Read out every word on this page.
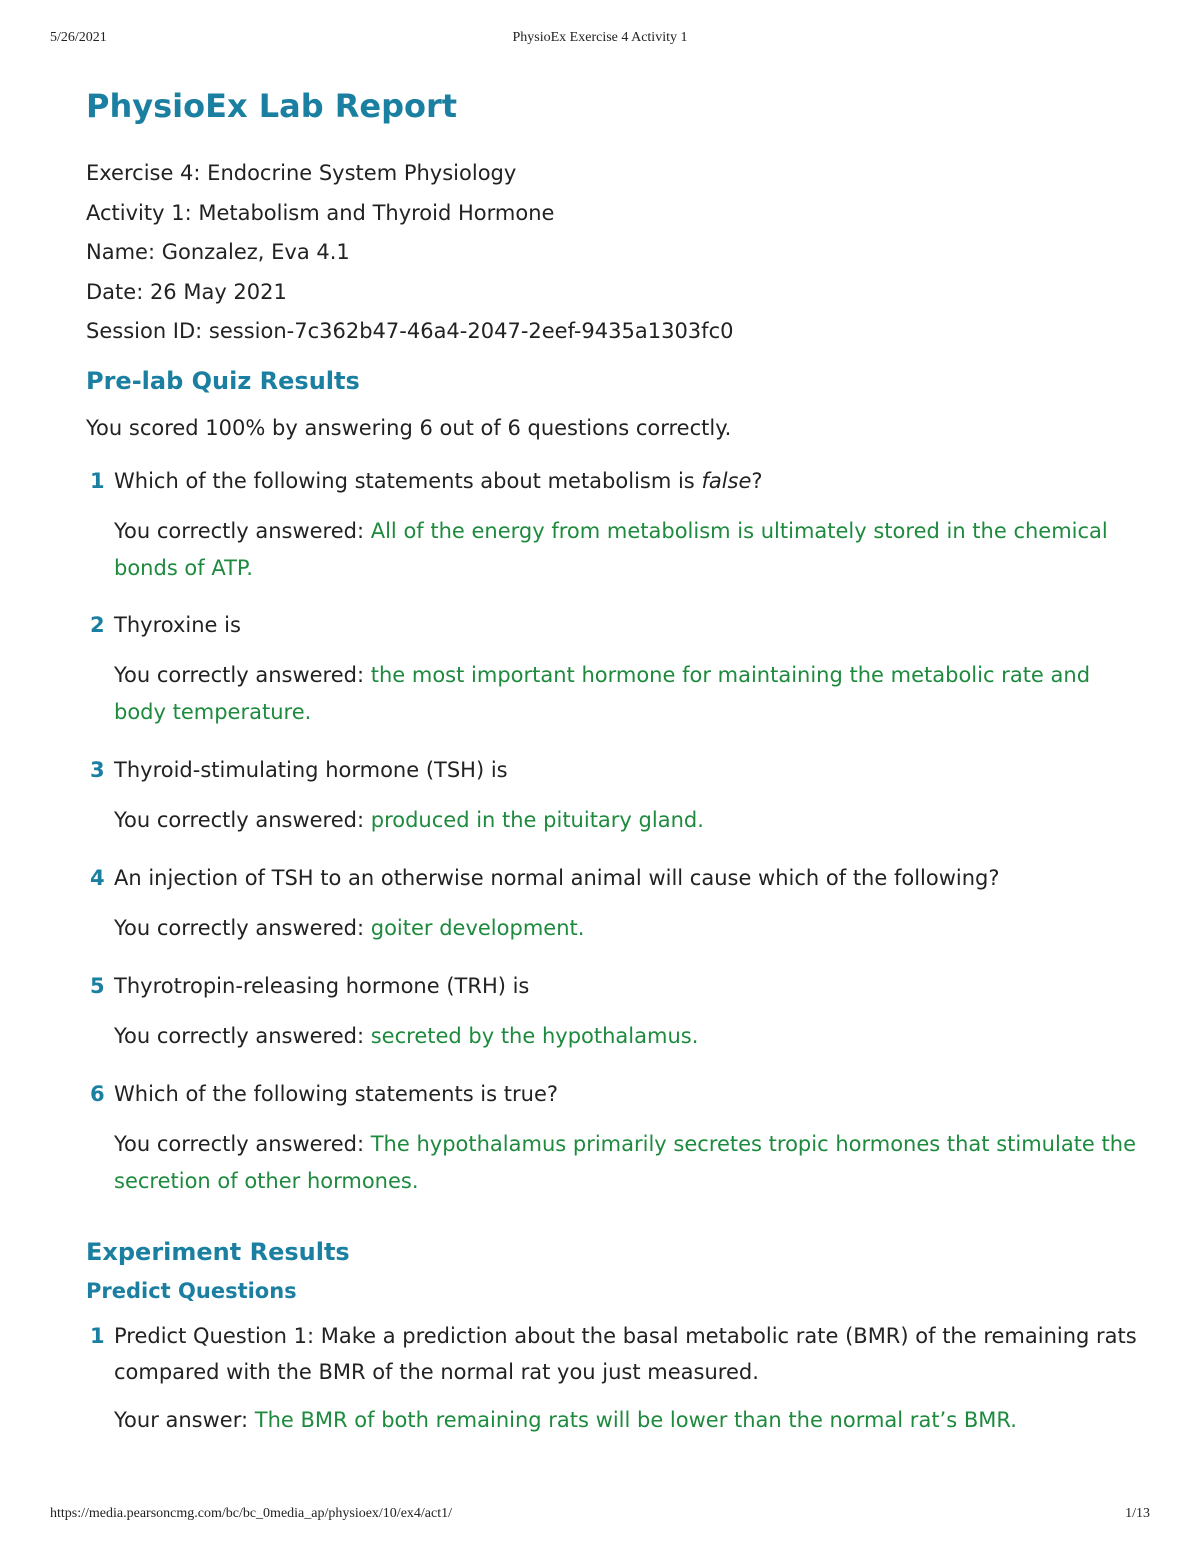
5/26/2021	PhysioEx Exercise 4 Activity 1
PhysioEx Lab Report
Exercise 4: Endocrine System Physiology
Activity 1: Metabolism and Thyroid Hormone
Name: Gonzalez, Eva 4.1
Date: 26 May 2021
Session ID: session-7c362b47-46a4-2047-2eef-9435a1303fc0
Pre-lab Quiz Results
You scored 100% by answering 6 out of 6 questions correctly.
1 Which of the following statements about metabolism is false?
You correctly answered: All of the energy from metabolism is ultimately stored in the chemical bonds of ATP.
2 Thyroxine is
You correctly answered: the most important hormone for maintaining the metabolic rate and body temperature.
3 Thyroid-stimulating hormone (TSH) is
You correctly answered: produced in the pituitary gland.
4 An injection of TSH to an otherwise normal animal will cause which of the following?
You correctly answered: goiter development.
5 Thyrotropin-releasing hormone (TRH) is
You correctly answered: secreted by the hypothalamus.
6 Which of the following statements is true?
You correctly answered: The hypothalamus primarily secretes tropic hormones that stimulate the secretion of other hormones.
Experiment Results
Predict Questions
1 Predict Question 1: Make a prediction about the basal metabolic rate (BMR) of the remaining rats compared with the BMR of the normal rat you just measured.
Your answer: The BMR of both remaining rats will be lower than the normal rat’s BMR.
https://media.pearsoncmg.com/bc/bc_0media_ap/physioex/10/ex4/act1/	1/13
